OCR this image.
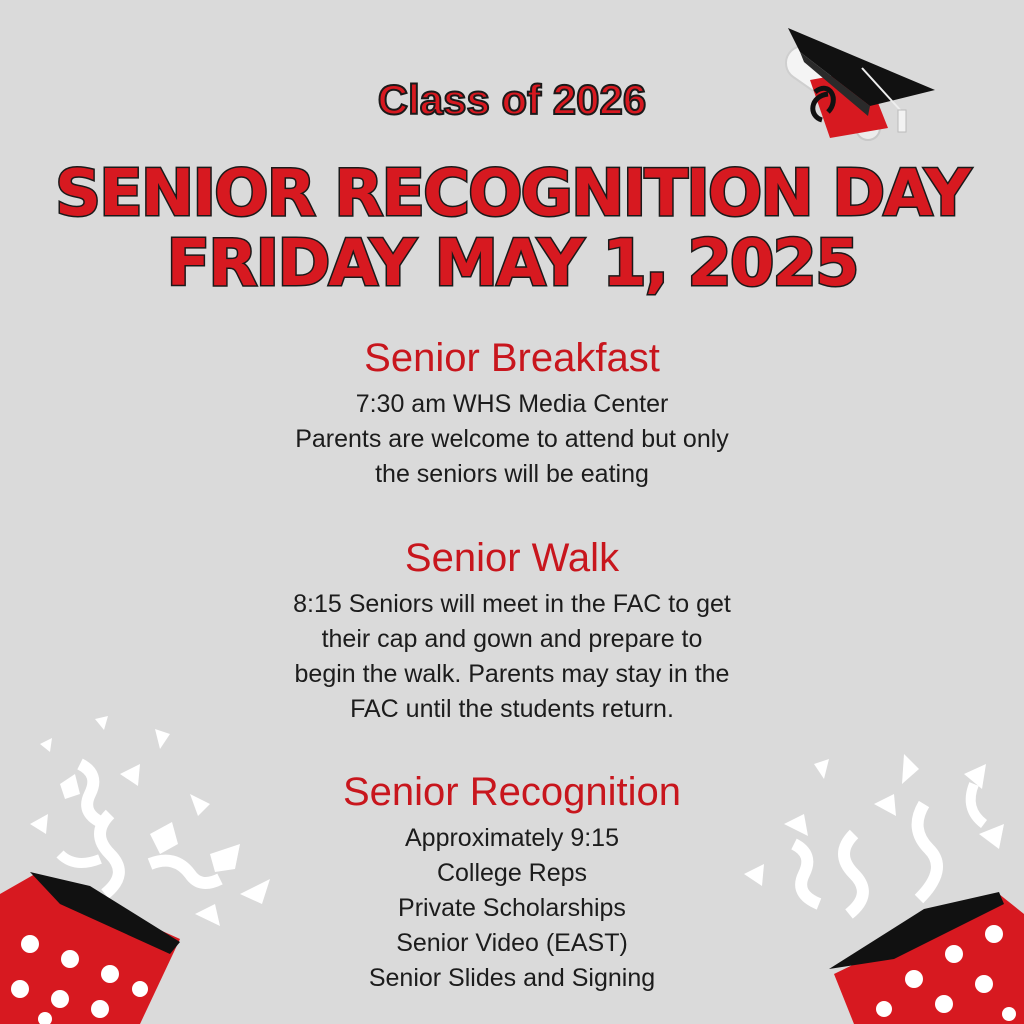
Class of 2026
SENIOR RECOGNITION DAY
FRIDAY MAY 1, 2025
Senior Breakfast
7:30 am WHS Media Center
Parents are welcome to attend but only
the seniors will be eating
Senior Walk
8:15 Seniors will meet in the FAC to get
their cap and gown and prepare to
begin the walk. Parents may stay in the
FAC until the students return.
Senior Recognition
Approximately 9:15
College Reps
Private Scholarships
Senior Video (EAST)
Senior Slides and Signing
